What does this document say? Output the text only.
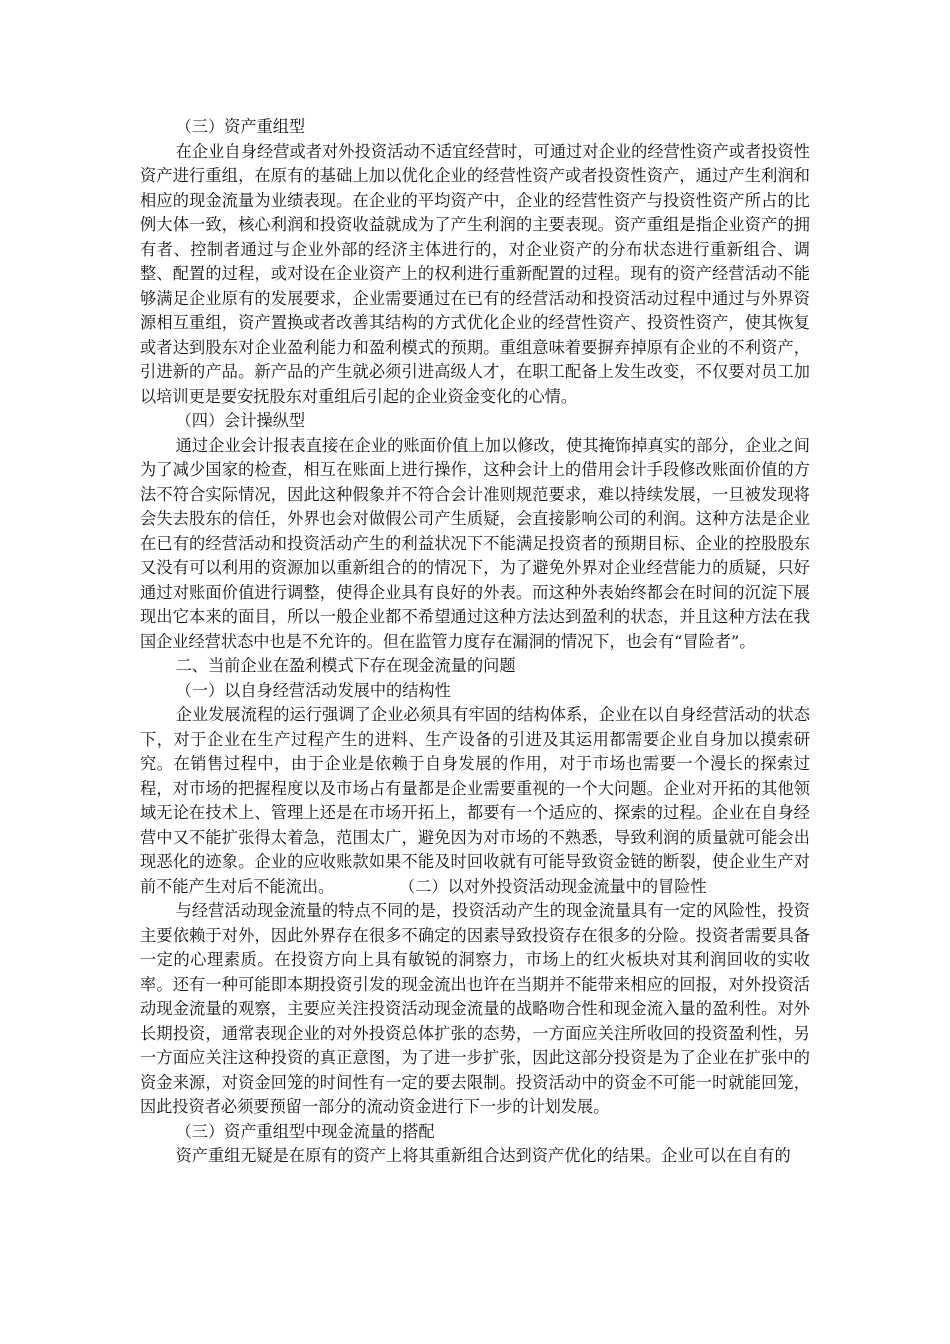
（三）资产重组型

在企业自身经营或者对外投资活动不适宜经营时，可通过对企业的经营性资产或者投资性资产进行重组，在原有的基础上加以优化企业的经营性资产或者投资性资产，通过产生利润和相应的现金流量为业绩表现。在企业的平均资产中，企业的经营性资产与投资性资产所占的比例大体一致，核心利润和投资收益就成为了产生利润的主要表现。资产重组是指企业资产的拥有者、控制者通过与企业外部的经济主体进行的，对企业资产的分布状态进行重新组合、调整、配置的过程，或对设在企业资产上的权利进行重新配置的过程。现有的资产经营活动不能够满足企业原有的发展要求，企业需要通过在已有的经营活动和投资活动过程中通过与外界资源相互重组，资产置换或者改善其结构的方式优化企业的经营性资产、投资性资产，使其恢复或者达到股东对企业盈利能力和盈利模式的预期。重组意味着要摒弃掉原有企业的不利资产，引进新的产品。新产品的产生就必须引进高级人才，在职工配备上发生改变，不仅要对员工加以培训更是要安抚股东对重组后引起的企业资金变化的心情。

（四）会计操纵型

通过企业会计报表直接在企业的账面价值上加以修改，使其掩饰掉真实的部分，企业之间为了减少国家的检查，相互在账面上进行操作，这种会计上的借用会计手段修改账面价值的方法不符合实际情况，因此这种假象并不符合会计准则规范要求，难以持续发展，一旦被发现将会失去股东的信任，外界也会对做假公司产生质疑，会直接影响公司的利润。这种方法是企业在已有的经营活动和投资活动产生的利益状况下不能满足投资者的预期目标、企业的控股股东又没有可以利用的资源加以重新组合的的情况下，为了避免外界对企业经营能力的质疑，只好通过对账面价值进行调整，使得企业具有良好的外表。而这种外表始终都会在时间的沉淀下展现出它本来的面目，所以一般企业都不希望通过这种方法达到盈利的状态，并且这种方法在我国企业经营状态中也是不允许的。但在监管力度存在漏洞的情况下，也会有“冒险者”。

二、当前企业在盈利模式下存在现金流量的问题

（一）以自身经营活动发展中的结构性

企业发展流程的运行强调了企业必须具有牢固的结构体系，企业在以自身经营活动的状态下，对于企业在生产过程产生的进料、生产设备的引进及其运用都需要企业自身加以摸索研究。在销售过程中，由于企业是依赖于自身发展的作用，对于市场也需要一个漫长的探索过程，对市场的把握程度以及市场占有量都是企业需要重视的一个大问题。企业对开拓的其他领域无论在技术上、管理上还是在市场开拓上，都要有一个适应的、探索的过程。企业在自身经营中又不能扩张得太着急，范围太广，避免因为对市场的不熟悉，导致利润的质量就可能会出现恶化的迹象。企业的应收账款如果不能及时回收就有可能导致资金链的断裂，使企业生产对前不能产生对后不能流出。	（二）以对外投资活动现金流量中的冒险性

与经营活动现金流量的特点不同的是，投资活动产生的现金流量具有一定的风险性，投资主要依赖于对外，因此外界存在很多不确定的因素导致投资存在很多的分险。投资者需要具备一定的心理素质。在投资方向上具有敏锐的洞察力，市场上的红火板块对其利润回收的实收率。还有一种可能即本期投资引发的现金流出也许在当期并不能带来相应的回报，对外投资活动现金流量的观察，主要应关注投资活动现金流量的战略吻合性和现金流入量的盈利性。对外长期投资，通常表现企业的对外投资总体扩张的态势，一方面应关注所收回的投资盈利性，另一方面应关注这种投资的真正意图，为了进一步扩张，因此这部分投资是为了企业在扩张中的资金来源，对资金回笼的时间性有一定的要去限制。投资活动中的资金不可能一时就能回笼，因此投资者必须要预留一部分的流动资金进行下一步的计划发展。

（三）资产重组型中现金流量的搭配

资产重组无疑是在原有的资产上将其重新组合达到资产优化的结果。企业可以在自有的
